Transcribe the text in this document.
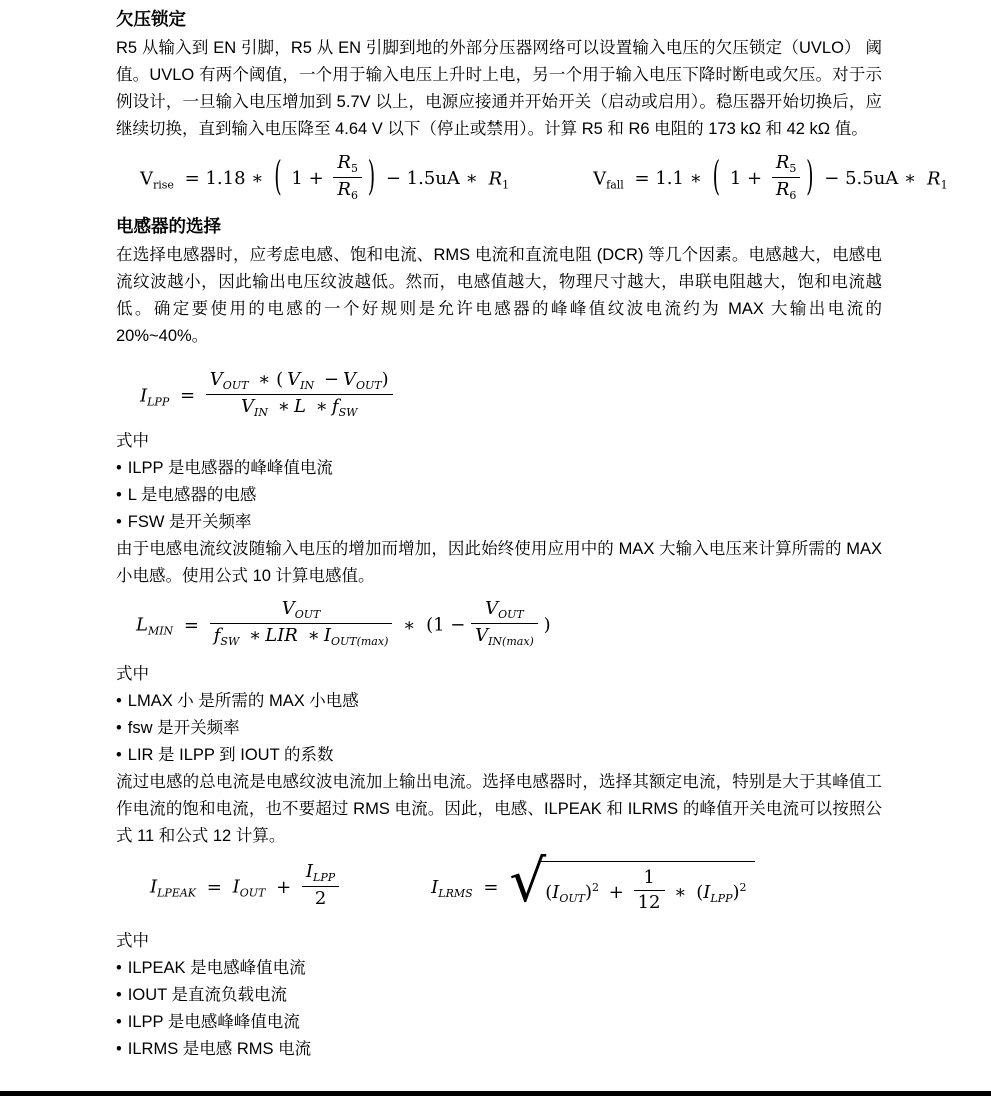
欠压锁定

R5 从输入到 EN 引脚，R5 从 EN 引脚到地的外部分压器网络可以设置输入电压的欠压锁定（UVLO） 阈值。UVLO 有两个阈值，一个用于输入电压上升时上电，另一个用于输入电压下降时断电或欠压。对于示例设计，一旦输入电压增加到 5.7V 以上，电源应接通并开始开关（启动或启用）。稳压器开始切换后，应继续切换，直到输入电压降至 4.64 V 以下（停止或禁用）。计算 R5 和 R6 电阻的 173 kΩ 和 42 kΩ 值。

$V_{rise} = 1.18$ ∗ ( $1 + \frac{R_5}{R_6}$ ) − 1.5uA ∗ $R_1$	$V_{fall} = 1.1$ ∗ ( $1 + \frac{R_5}{R_6}$ ) − 5.5uA ∗ $R_1$
电感器的选择

在选择电感器时，应考虑电感、饱和电流、RMS 电流和直流电阻 (DCR) 等几个因素。电感越大，电感电流纹波越小，因此输出电压纹波越低。然而，电感值越大，物理尺寸越大，串联电阻越大，饱和电流越低。确定要使用的电感的一个好规则是允许电感器的峰峰值纹波电流约为 MAX 大输出电流的 20%~40%。

$I_{LPP} = \frac{V_{OUT} ∗ ( V_{IN} - V_{OUT})}{V_{IN} ∗ L ∗ f_{SW}}$

式中

• ILPP 是电感器的峰峰值电流
• L 是电感器的电感
• FSW 是开关频率

由于电感电流纹波随输入电压的增加而增加，因此始终使用应用中的 MAX 大输入电压来计算所需的 MAX 小电感。使用公式 10 计算电感值。

$L_{MIN} = \frac{V_{OUT}}{f_{SW} ∗ LIR ∗ I_{OUT(max)}}$ ∗ ($1 - \frac{V_{OUT}}{V_{IN(max)}}$ )

式中

• LMAX 小 是所需的 MAX 小电感
• fsw 是开关频率
• LIR 是 ILPP 到 IOUT 的系数

流过电感的总电流是电感纹波电流加上输出电流。选择电感器时，选择其额定电流，特别是大于其峰值工作电流的饱和电流，也不要超过 RMS 电流。因此，电感、ILPEAK 和 ILRMS 的峰值开关电流可以按照公式 11 和公式 12 计算。

$I_{LPEAK} = I_{OUT} + \frac{I_{LPP}}{2}$	$I_{LRMS}$ = √ $(I_{OUT})^2 + \frac{1}{12}$ ∗ $(I_{LPP})^2$

式中

• ILPEAK 是电感峰值电流
• IOUT 是直流负载电流
• ILPP 是电感峰峰值电流
• ILRMS 是电感 RMS 电流
